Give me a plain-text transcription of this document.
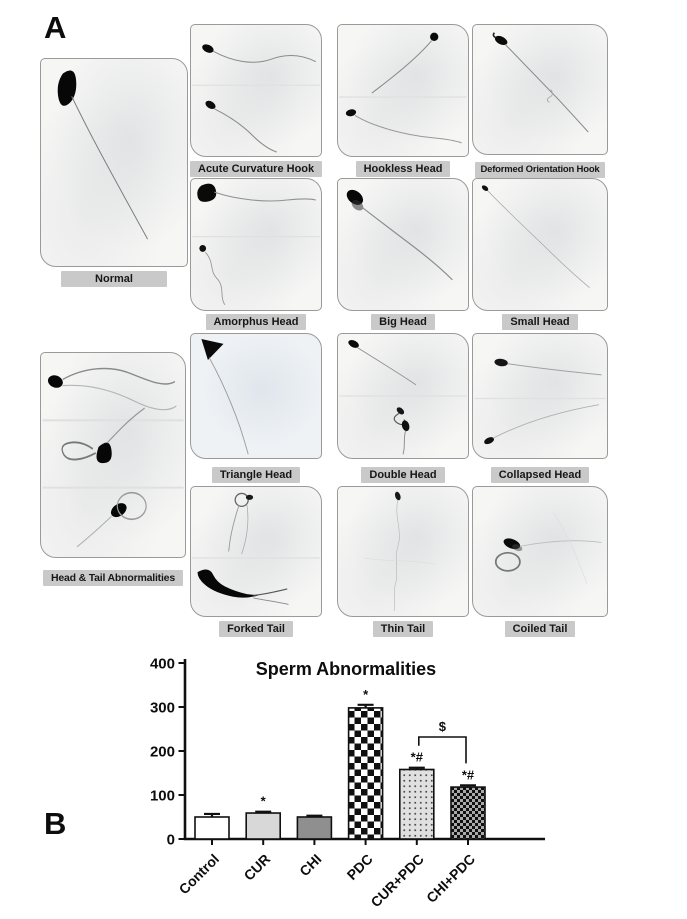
A
Normal
Head & Tail Abnormalities
Acute Curvature Hook	Hookless Head	Deformed Orientation Hook
Amorphus Head	Big Head	Small Head
Triangle Head	Double Head	Collapsed Head
Forked Tail	Thin Tail	Coiled Tail
B
Sperm Abnormalities
0
100
200
300
400
Control
*
CUR CHI
*
PDC
*#
CUR+PDC
*#
CHI+PDC
$
